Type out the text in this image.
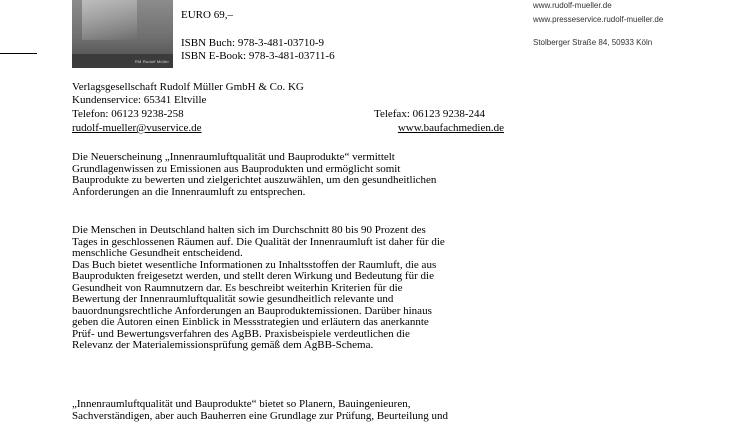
RM Rudolf Müller
EURO 69,–
ISBN Buch: 978-3-481-03710-9
ISBN E-Book: 978-3-481-03711-6
www.rudolf-mueller.de
www.presseservice.rudolf-mueller.de
Stolberger Straße 84, 50933 Köln
Verlagsgesellschaft Rudolf Müller GmbH & Co. KG
Kundenservice: 65341 Eltville
Telefon: 06123 9238-258	Telefax: 06123 9238-244
rudolf-mueller@vuservice.de	www.baufachmedien.de
Die Neuerscheinung „Innenraumluftqualität und Bauprodukte“ vermittelt
Grundlagenwissen zu Emissionen aus Bauprodukten und ermöglicht somit
Bauprodukte zu bewerten und zielgerichtet auszuwählen, um den gesundheitlichen
Anforderungen an die Innenraumluft zu entsprechen.
Die Menschen in Deutschland halten sich im Durchschnitt 80 bis 90 Prozent des
Tages in geschlossenen Räumen auf. Die Qualität der Innenraumluft ist daher für die
menschliche Gesundheit entscheidend.
Das Buch bietet wesentliche Informationen zu Inhaltsstoffen der Raumluft, die aus
Bauprodukten freigesetzt werden, und stellt deren Wirkung und Bedeutung für die
Gesundheit von Raumnutzern dar. Es beschreibt weiterhin Kriterien für die
Bewertung der Innenraumluftqualität sowie gesundheitlich relevante und
bauordnungsrechtliche Anforderungen an Bauproduktemissionen. Darüber hinaus
geben die Autoren einen Einblick in Messstrategien und erläutern das anerkannte
Prüf- und Bewertungsverfahren des AgBB. Praxisbeispiele verdeutlichen die
Relevanz der Materialemissionsprüfung gemäß dem AgBB-Schema.
„Innenraumluftqualität und Bauprodukte“ bietet so Planern, Bauingenieuren,
Sachverständigen, aber auch Bauherren eine Grundlage zur Prüfung, Beurteilung und
